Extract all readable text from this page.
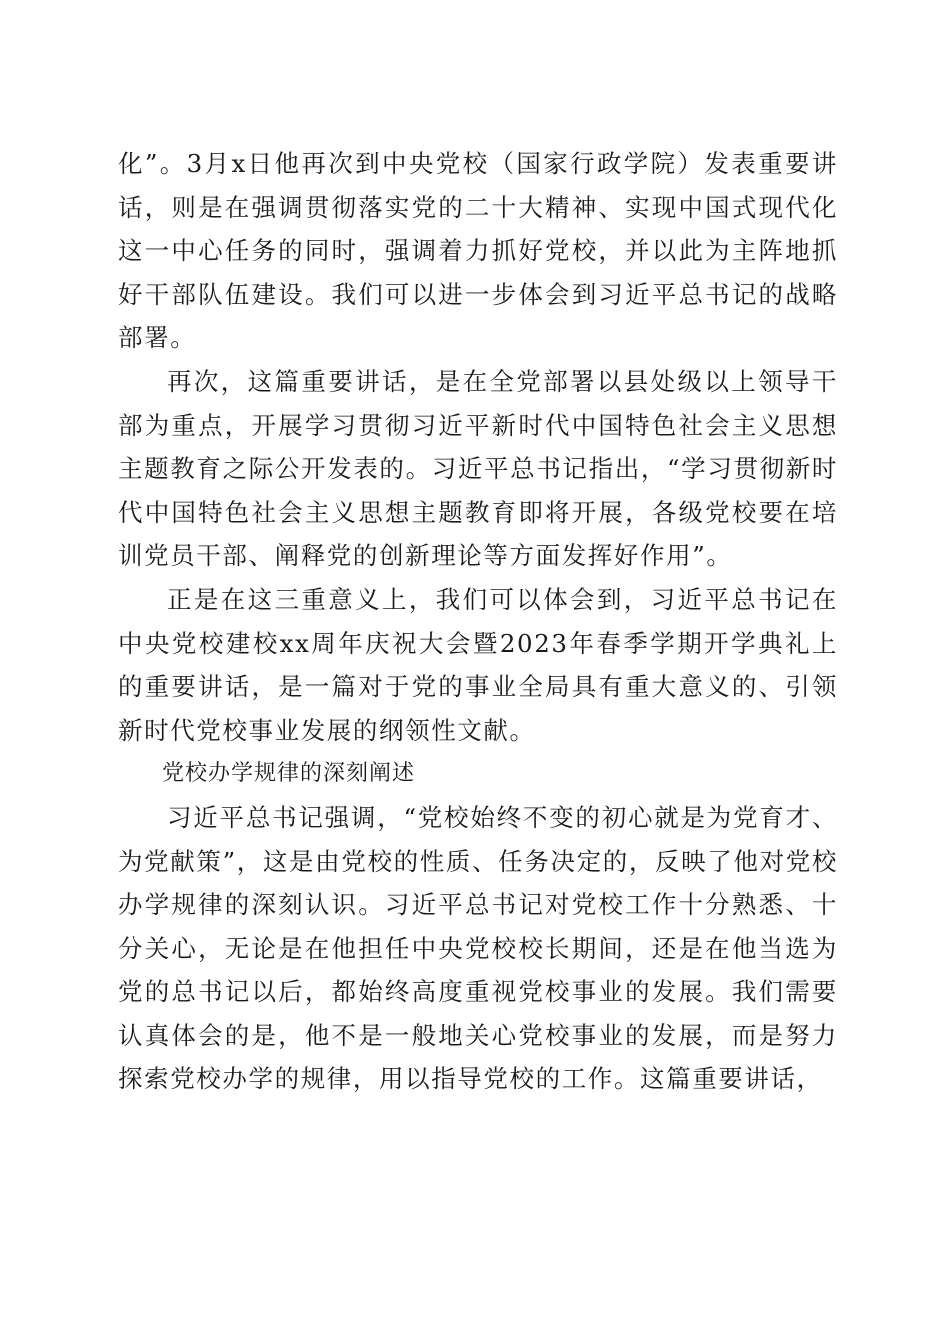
化”。3月x日他再次到中央党校（国家行政学院）发表重要讲话，则是在强调贯彻落实党的二十大精神、实现中国式现代化这一中心任务的同时，强调着力抓好党校，并以此为主阵地抓好干部队伍建设。我们可以进一步体会到习近平总书记的战略部署。

再次，这篇重要讲话，是在全党部署以县处级以上领导干部为重点，开展学习贯彻习近平新时代中国特色社会主义思想主题教育之际公开发表的。习近平总书记指出，“学习贯彻新时代中国特色社会主义思想主题教育即将开展，各级党校要在培训党员干部、阐释党的创新理论等方面发挥好作用”。

正是在这三重意义上，我们可以体会到，习近平总书记在中央党校建校xx周年庆祝大会暨2023年春季学期开学典礼上的重要讲话，是一篇对于党的事业全局具有重大意义的、引领新时代党校事业发展的纲领性文献。

党校办学规律的深刻阐述

习近平总书记强调，“党校始终不变的初心就是为党育才、为党献策”，这是由党校的性质、任务决定的，反映了他对党校办学规律的深刻认识。习近平总书记对党校工作十分熟悉、十分关心，无论是在他担任中央党校校长期间，还是在他当选为党的总书记以后，都始终高度重视党校事业的发展。我们需要认真体会的是，他不是一般地关心党校事业的发展，而是努力探索党校办学的规律，用以指导党校的工作。这篇重要讲话，
